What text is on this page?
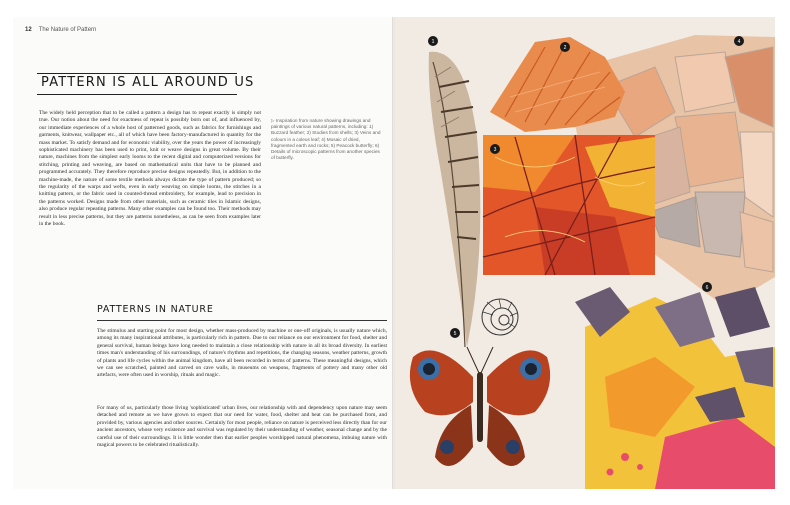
12 The Nature of Pattern
PATTERN IS ALL AROUND US

The widely held perception that to be called a pattern a design has to repeat exactly is simply not true. Our notion about the need for exactness of repeat is possibly born out of, and influenced by, our immediate experiences of a whole host of patterned goods, such as fabrics for furnishings and garments, knitwear, wallpaper etc., all of which have been factory-manufactured in quantity for the mass market. To satisfy demand and for economic viability, over the years the power of increasingly sophisticated machinery has been used to print, knit or weave designs in great volume. By their nature, machines from the simplest early looms to the recent digital and computerized versions for stitching, printing and weaving, are based on mathematical units that have to be planned and programmed accurately. They therefore reproduce precise designs repeatedly. But, in addition to the machine-made, the nature of some textile methods always dictate the type of pattern produced; so the regularity of the warps and wefts, even in early weaving on simple looms, the stitches in a knitting pattern, or the fabric used in counted-thread embroidery, for example, lead to precision in the patterns worked. Designs made from other materials, such as ceramic tiles in Islamic designs, also produce regular repeating patterns. Many other examples can be found too. Their methods may result in less precise patterns, but they are patterns nonetheless, as can be seen from examples later in the book.

▷ Inspiration from nature showing drawings and paintings of various natural patterns, including: 1) Buzzard feather; 2) Studies from shells; 3) Veins and colours in a coleus leaf; 4) Mosaic of dried, fragmented earth and rocks; 5) Peacock butterfly; 6) Details of microscopic patterns from another species of butterfly.

PATTERNS IN NATURE

The stimulus and starting point for most design, whether mass-produced by machine or one-off originals, is usually nature which, among its many inspirational attributes, is particularly rich in pattern. Due to our reliance on our environment for food, shelter and general survival, human beings have long needed to maintain a close relationship with nature in all its broad diversity. In earliest times man's understanding of his surroundings, of nature's rhythms and repetitions, the changing seasons, weather patterns, growth of plants and life cycles within the animal kingdom, have all been recorded in terms of patterns. These meaningful designs, which we can see scratched, painted and carved on cave walls, in museums on weapons, fragments of pottery and many other old artefacts, were often used in worship, rituals and magic.

For many of us, particularly those living 'sophisticated' urban lives, our relationship with and dependency upon nature may seem detached and remote as we have grown to expect that our need for water, food, shelter and heat can be purchased from, and provided by, various agencies and other sources. Certainly for most people, reliance on nature is perceived less directly than for our ancient ancestors, whose very existence and survival was regulated by their understanding of weather, seasonal change and by the careful use of their surroundings. It is little wonder then that earlier peoples worshipped natural phenomena, imbuing nature with magical powers to be celebrated ritualistically.

1
2
3
4
5
6
